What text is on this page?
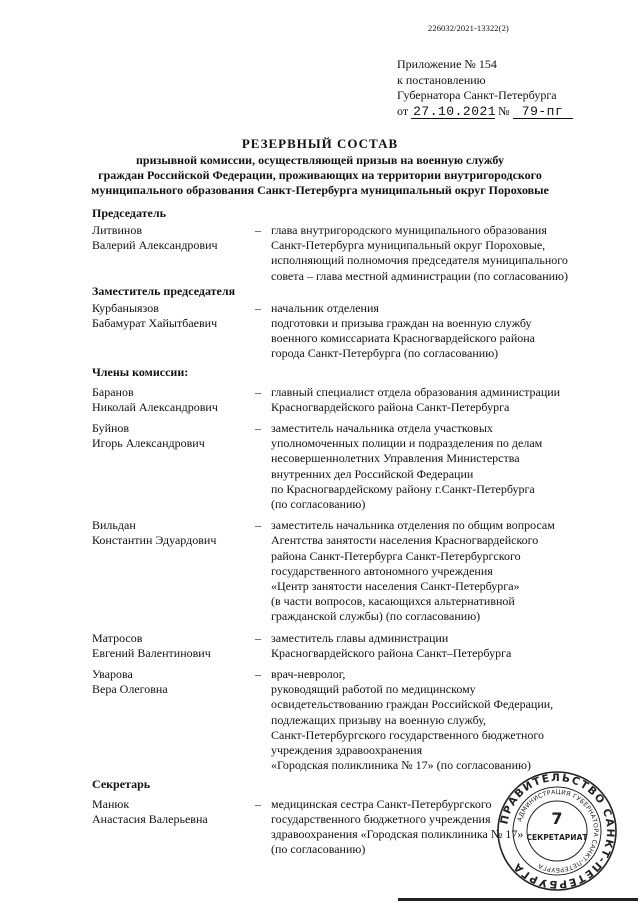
226032/2021-13322(2)
Приложение № 154
к постановлению
Губернатора Санкт-Петербурга
от 27.10.2021 № 79-пг
РЕЗЕРВНЫЙ СОСТАВ
призывной комиссии, осуществляющей призыв на военную службу
граждан Российской Федерации, проживающих на территории внутригородского
муниципального образования Санкт-Петербурга муниципальный округ Пороховые
Председатель
Литвинов
Валерий Александрович
– глава внутригородского муниципального образования
Санкт-Петербурга муниципальный округ Пороховые,
исполняющий полномочия председателя муниципального
совета – глава местной администрации (по согласованию)
Заместитель председателя
Курбаныязов
Бабамурат Хайытбаевич
– начальник отделения
подготовки и призыва граждан на военную службу
военного комиссариата Красногвардейского района
города Санкт-Петербурга (по согласованию)
Члены комиссии:
Баранов
Николай Александрович
– главный специалист отдела образования администрации
Красногвардейского района Санкт-Петербурга
Буйнов
Игорь Александрович
– заместитель начальника отдела участковых
уполномоченных полиции и подразделения по делам
несовершеннолетних Управления Министерства
внутренних дел Российской Федерации
по Красногвардейскому району г.Санкт-Петербурга
(по согласованию)
Вильдан
Константин Эдуардович
– заместитель начальника отделения по общим вопросам
Агентства занятости населения Красногвардейского
района Санкт-Петербурга Санкт-Петербургского
государственного автономного учреждения
«Центр занятости населения Санкт-Петербурга»
(в части вопросов, касающихся альтернативной
гражданской службы) (по согласованию)
Матросов
Евгений Валентинович
– заместитель главы администрации
Красногвардейского района Санкт–Петербурга
Уварова
Вера Олеговна
– врач-невролог,
руководящий работой по медицинскому
освидетельствованию граждан Российской Федерации,
подлежащих призыву на военную службу,
Санкт-Петербургского государственного бюджетного
учреждения здравоохранения
«Городская поликлиника № 17» (по согласованию)
Секретарь
Манюк
Анастасия Валерьевна
– медицинская сестра Санкт-Петербургского
государственного бюджетного учреждения
здравоохранения «Городская поликлиника № 17»
(по согласованию)
ПРАВИТЕЛЬСТВО САНКТ-ПЕТЕРБУРГА
АДМИНИСТРАЦИЯ ГУБЕРНАТОРА САНКТ-ПЕТЕРБУРГА
7
СЕКРЕТАРИАТ
